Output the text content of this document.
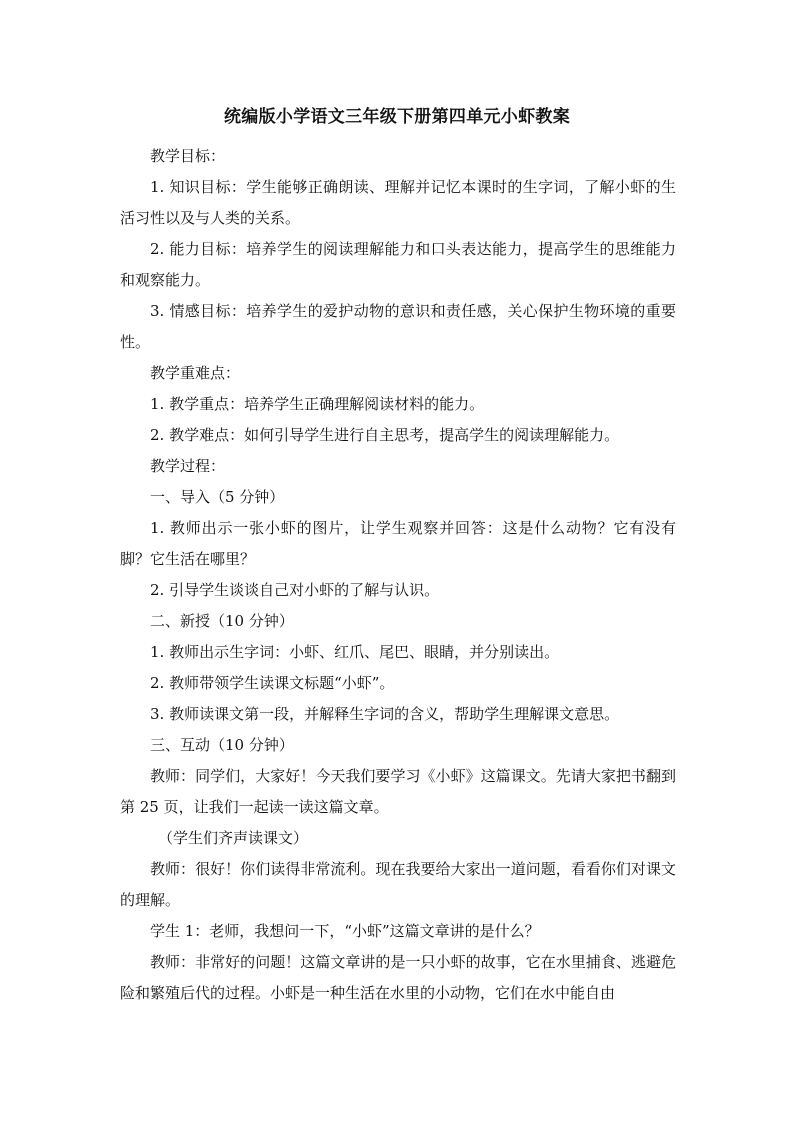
统编版小学语文三年级下册第四单元小虾教案

教学目标：

1. 知识目标：学生能够正确朗读、理解并记忆本课时的生字词，了解小虾的生活习性以及与人类的关系。

2. 能力目标：培养学生的阅读理解能力和口头表达能力，提高学生的思维能力和观察能力。

3. 情感目标：培养学生的爱护动物的意识和责任感，关心保护生物环境的重要性。

教学重难点：

1. 教学重点：培养学生正确理解阅读材料的能力。

2. 教学难点：如何引导学生进行自主思考，提高学生的阅读理解能力。

教学过程：

一、导入（5 分钟）

1. 教师出示一张小虾的图片，让学生观察并回答：这是什么动物？它有没有脚？它生活在哪里？

2. 引导学生谈谈自己对小虾的了解与认识。

二、新授（10 分钟）

1. 教师出示生字词：小虾、红爪、尾巴、眼睛，并分别读出。

2. 教师带领学生读课文标题“小虾”。

3. 教师读课文第一段，并解释生字词的含义，帮助学生理解课文意思。

三、互动（10 分钟）

教师：同学们，大家好！今天我们要学习《小虾》这篇课文。先请大家把书翻到第 25 页，让我们一起读一读这篇文章。

（学生们齐声读课文）

教师：很好！你们读得非常流利。现在我要给大家出一道问题，看看你们对课文的理解。

学生 1：老师，我想问一下，“小虾”这篇文章讲的是什么？

教师：非常好的问题！这篇文章讲的是一只小虾的故事，它在水里捕食、逃避危险和繁殖后代的过程。小虾是一种生活在水里的小动物，它们在水中能自由
